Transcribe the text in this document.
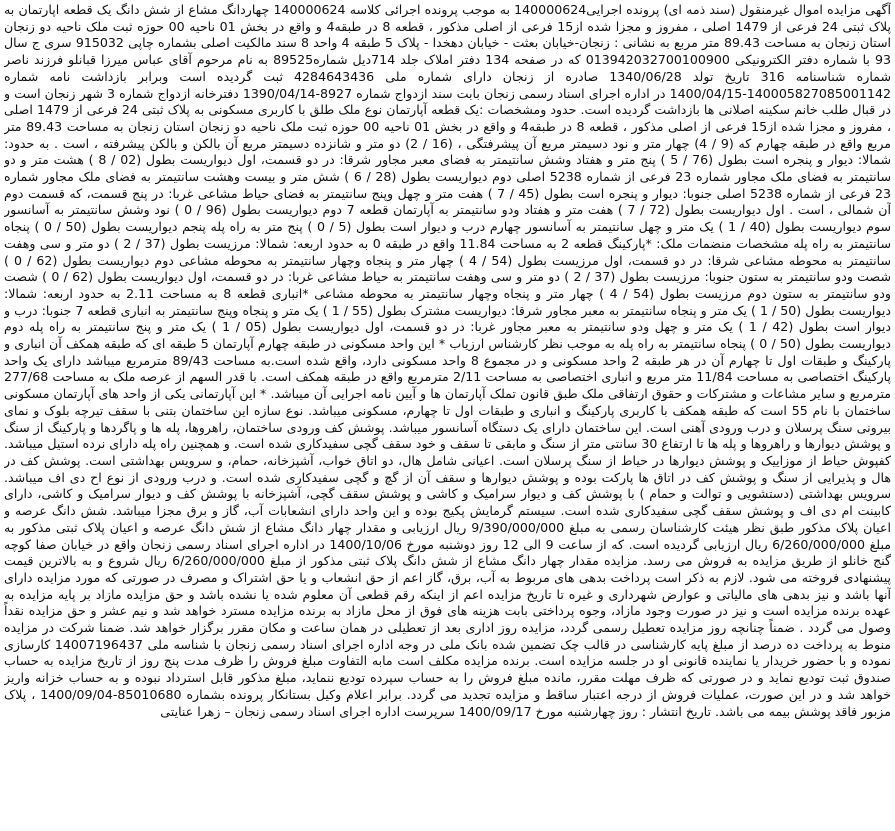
آگهی مزایده اموال غیرمنقول (سند ذمه ای) پرونده اجرایی140000624 به موجب پرونده اجرائی کلاسه 140000624 چهاردانگ مشاع از شش دانگ یک قطعه اپارتمان به پلاک ثبتی 24 فرعی از 1479 اصلی ، مفروز و مجزا شده از15 فرعی از اصلی مذکور ، قطعه 8 در طبقه4 و واقع در بخش 01 ناحیه 00 حوزه ثبت ملک ناحیه دو زنجان استان زنجان به مساحت 89.43 متر مربع به نشانی : زنجان-خیابان بعثت - خیابان دهخدا - پلاک 5 طبقه 4 واحد 8 سند مالکیت اصلی بشماره چاپی 915032 سری ج سال 93 با شماره دفتر الکترونیکی 013942032700100900 که در صفحه 134 دفتر املاک جلد 714دیل شماره89525 به نام مرحوم آقای عباس میرزا قبانلو فرزند ناصر شماره شناسنامه 316 تاریخ تولد 1340/06/28 صادره از زنجان دارای شماره ملی 4284643436 ثبت گردیده است وبرابر بازداشت نامه شماره 140005827085001142-1400/04/15 در اداره اجرای اسناد رسمی زنجان بابت سند ازدواج شماره 8927-1390/04/14 دفترخانه ازدواج شماره 3 شهر زنجان است و در قبال طلب خانم سکینه اصلانی ها بازداشت گردیده است. حدود ومشخصات :یک قطعه آپارتمان نوع ملک طلق با کاربری مسکونی به پلاک ثبتی 24 فرعی از 1479 اصلی ، مفروز و مجزا شده از15 فرعی از اصلی مذکور ، قطعه 8 در طبقه4 و واقع در بخش 01 ناحیه 00 حوزه ثبت ملک ناحیه دو زنجان استان زنجان به مساحت 89.43 متر مربع واقع در طبقه چهارم که (9 / 4) چهار متر و نود دسیمتر مربع آن پیشرفتگی ، (16 / 2) دو متر و شانزده دسیمتر مربع آن بالکن و بالکن پیشرفته ، است . به حدود: شمالا: دیوار و پنجره است بطول (76 / 5 ) پنج متر و هفتاد وشش سانتیمتر به فضای معبر مجاور شرقا: در دو قسمت، اول دیواریست بطول (02 / 8 ) هشت متر و دو سانتیمتر به فضای ملک مجاور شماره 23 فرعی از شماره 5238 اصلی دوم دیواریست بطول (28 / 6 ) شش متر و بیست وهشت سانتیمتر به فضای ملک مجاور شماره 23 فرعی از شماره 5238 اصلی جنوبا: دیوار و پنجره است بطول (45 / 7 ) هفت متر و چهل وپنج سانتیمتر به فضای حیاط مشاعی غربا: در پنج قسمت، که قسمت دوم آن شمالی ، است . اول دیواریست بطول (72 / 7 ) هفت متر و هفتاد ودو سانتیمتر به آپارتمان قطعه 7 دوم دیواریست بطول (96 / 0 ) نود وشش سانتیمتر به آسانسور سوم دیواریست بطول (40 / 1 ) یک متر و چهل سانتیمتر به آسانسور چهارم درب و دیوار است بطول (5 / 0 ) پنج متر به راه پله پنجم دیواریست بطول (50 / 0 ) پنجاه سانتیمتر به راه پله مشخصات منضمات ملک: *پارکینگ قطعه 2 به مساحت 11.84 واقع در طبقه 0 به حدود اربعه: شمالا: مرزیست بطول (37 / 2 ) دو متر و سی وهفت سانتیمتر به محوطه مشاعی شرقا: در دو قسمت، اول مرزیست بطول (54 / 4 ) چهار متر و پنجاه وچهار سانتیمتر به محوطه مشاعی دوم دیواریست بطول (62 / 0 ) شصت ودو سانتیمتر به ستون جنوبا: مرزیست بطول (37 / 2 ) دو متر و سی وهفت سانتیمتر به حیاط مشاعی غربا: در دو قسمت، اول دیواریست بطول (62 / 0 ) شصت ودو سانتیمتر به ستون دوم مرزیست بطول (54 / 4 ) چهار متر و پنجاه وچهار سانتیمتر به محوطه مشاعی *انباری قطعه 8 به مساحت 2.11 به حدود اربعه: شمالا: دیواریست بطول (50 / 1 ) یک متر و پنجاه سانتیمتر به معبر مجاور شرقا: دیواریست مشترک بطول (55 / 1 ) یک متر و پنجاه وپنج سانتیمتر به انباری قطعه 7 جنوبا: درب و دیوار است بطول (42 / 1 ) یک متر و چهل ودو سانتیمتر به معبر مجاور غربا: در دو قسمت، اول دیواریست بطول (05 / 1 ) یک متر و پنج سانتیمتر به راه پله دوم دیواریست بطول (50 / 0 ) پنجاه سانتیمتر به راه پله به موجب نظر کارشناس ارزیاب * این واحد مسکونی در طبقه چهارم آپارتمان 5 طبقه ای که طبقه همکف آن انباری و پارکینگ و طبقات اول تا چهارم آن در هر طبقه 2 واحد مسکونی و در مجموع 8 واحد مسکونی دارد، واقع شده است.به مساحت 89/43 مترمربع میباشد دارای یک واحد پارکینگ اختصاصی به مساحت 11/84 متر مربع و انباری اختصاصی به مساحت 2/11 مترمربع واقع در طبقه همکف است. با قدر السهم از عرصه ملک به مساحت 277/68 مترمربع و سایر مشاعات و مشترکات و حقوق ارتفاقی ملک طبق قانون تملک آپارتمان ها و آیین نامه اجرایی آن میباشد. * این آپارتمانی یکی از واحد های آپارتمان مسکونی ساختمان با نام 55 است که طبقه همکف با کاربری پارکینگ و انباری و طبقات اول تا چهارم، مسکونی میباشد. نوع سازه این ساختمان بتنی با سقف تیرچه بلوک و نمای بیرونی سنگ پرسلان و درب ورودی آهنی است. این ساختمان دارای یک دستگاه آسانسور میباشد. پوشش کف ورودی ساختمان، راهروها، پله ها و پاگردها و پارکینگ از سنگ و پوشش دیوارها و راهروها و پله ها تا ارتفاع 30 سانتی متر از سنگ و مابقی تا سقف و خود سقف گچی سفیدکاری شده است. و همچنین راه پله دارای نرده استیل میباشد. کفپوش حیاط از موزاییک و پوشش دیوارها در حیاط از سنگ پرسلان است. اعیانی شامل هال، دو اتاق خواب، آشپزخانه، حمام، و سرویس بهداشتی است. پوشش کف در هال و پذیرایی از سنگ و پوشش کف در اتاق ها پارکت بوده و پوشش دیوارها و سقف آن از گچ و گچی سفیدکاری شده است. و درب ورودی از نوع اح دی اف میباشد. سرویس بهداشتی (دستشویی و توالت و حمام ) با پوشش کف و دیوار سرامیک و کاشی و پوشش سقف گچی، آشپزخانه با پوشش کف و دیوار سرامیک و کاشی، دارای کابینت ام دی اف و پوشش سقف گچی سفیدکاری شده است. سیستم گرمایش پکیج بوده و این واحد دارای انشعابات آب، گاز و برق مجزا میباشد. شش دانگ عرصه و اعیان پلاک مذکور طبق نظر هیئت کارشناسان رسمی به مبلغ 9/390/000/000 ریال ارزیابی و مقدار چهار دانگ مشاع از شش دانگ عرصه و اعیان پلاک ثبتی مذکور به مبلغ 6/260/000/000 ریال ارزیابی گردیده است. که از ساعت 9 الی 12 روز دوشنبه مورخ 1400/10/06 در اداره اجرای اسناد رسمی زنجان واقع در خیابان صفا کوچه گنج خانلو از طریق مزایده به فروش می رسد. مزایده مقدار چهار دانگ مشاع از شش دانگ پلاک ثبتی مذکور از مبلغ 6/260/000/000 ریال شروع و به بالاترین قیمت پیشنهادی فروخته می شود. لازم به ذکر است پرداخت بدهی های مربوط به آب، برق، گاز اعم از حق انشعاب و یا حق اشتراک و مصرف در صورتی که مورد مزایده دارای آنها باشد و نیز بدهی های مالیاتی و عوارض شهرداری و غیره تا تاریخ مزایده اعم از اینکه رقم قطعی آن معلوم شده یا نشده باشد و حق مزایده مازاد بر پایه مزایده به عهده برنده مزایده است و نیز در صورت وجود مازاد، وجوه پرداختی بابت هزینه های فوق از محل مازاد به برنده مزایده مسترد خواهد شد و نیم عشر و حق مزایده نقداً وصول می گردد . ضمناً چنانچه روز مزایده تعطیل رسمی گردد، مزایده روز اداری بعد از تعطیلی در همان ساعت و مکان مقرر برگزار خواهد شد. ضمنا شرکت در مزایده منوط به پرداخت ده درصد از مبلغ پایه کارشناسی در قالب چک تضمین شده بانک ملی در وجه اداره اجرای اسناد رسمی زنجان با شناسه ملی 14007196437 کارسازی نموده و با حضور خریدار یا نماینده قانونی او در جلسه مزایده است. برنده مزایده مکلف است مابه التفاوت مبلغ فروش را ظرف مدت پنج روز از تاریخ مزایده به حساب صندوق ثبت تودیع نماید و در صورتی که ظرف مهلت مقرر، مانده مبلغ فروش را به حساب سپرده تودیع ننماید، مبلغ مذکور قابل استرداد نبوده و به حساب خزانه واریز خواهد شد و در این صورت، عملیات فروش از درجه اعتبار ساقط و مزایده تجدید می گردد. برابر اعلام وکیل بستانکار پرونده بشماره 85010680-1400/09/04 ، پلاک مزبور فاقد پوشش بیمه می باشد. تاریخ انتشار : روز چهارشنبه مورخ 1400/09/17 سرپرست اداره اجرای اسناد رسمی زنجان – زهرا عنایتی
